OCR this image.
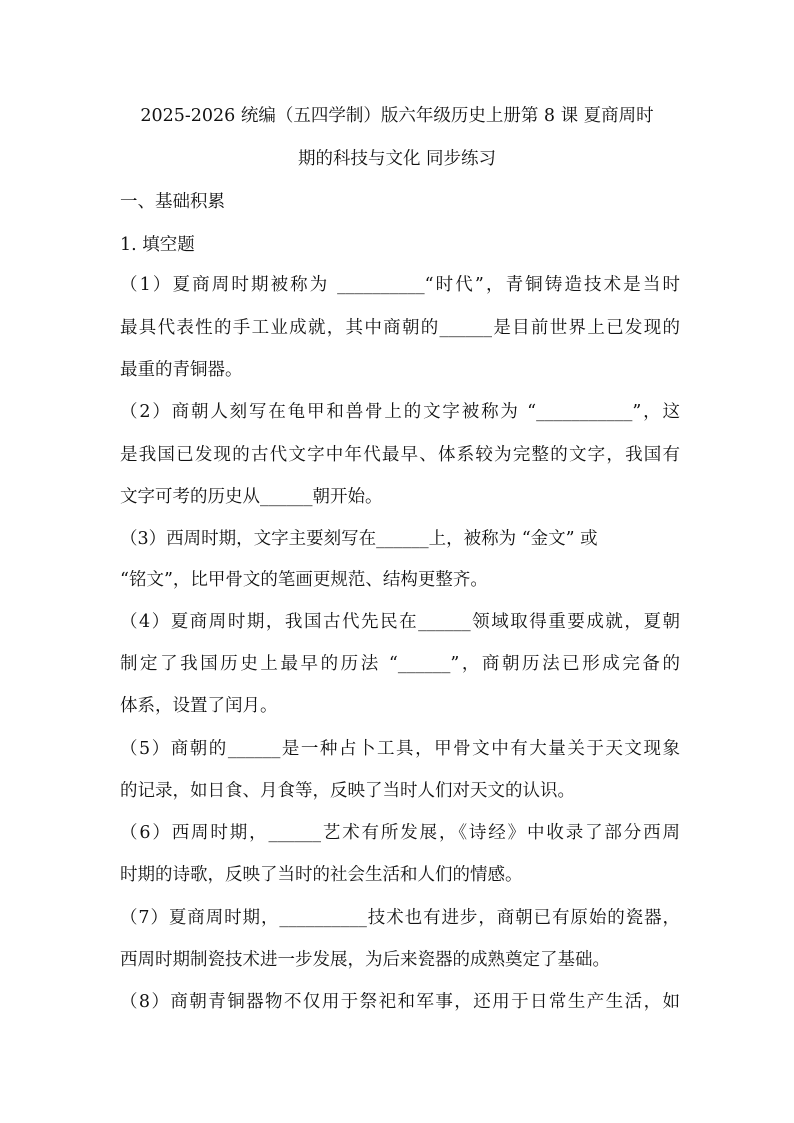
2025-2026 统编（五四学制）版六年级历史上册第 8 课 夏商周时
期的科技与文化 同步练习
一、基础积累
1. 填空题
（1）夏商周时期被称为 __________“时代”，青铜铸造技术是当时
最具代表性的手工业成就，其中商朝的______是目前世界上已发现的
最重的青铜器。
（2）商朝人刻写在龟甲和兽骨上的文字被称为 “___________”，这
是我国已发现的古代文字中年代最早、体系较为完整的文字，我国有
文字可考的历史从______朝开始。
（3）西周时期，文字主要刻写在______上，被称为 “金文” 或
“铭文”，比甲骨文的笔画更规范、结构更整齐。
（4）夏商周时期，我国古代先民在______领域取得重要成就，夏朝
制定了我国历史上最早的历法 “______”，商朝历法已形成完备的
体系，设置了闰月。
（5）商朝的______是一种占卜工具，甲骨文中有大量关于天文现象
的记录，如日食、月食等，反映了当时人们对天文的认识。
（6）西周时期，______艺术有所发展，《诗经》中收录了部分西周
时期的诗歌，反映了当时的社会生活和人们的情感。
（7）夏商周时期，__________技术也有进步，商朝已有原始的瓷器，
西周时期制瓷技术进一步发展，为后来瓷器的成熟奠定了基础。
（8）商朝青铜器物不仅用于祭祀和军事，还用于日常生产生活，如
